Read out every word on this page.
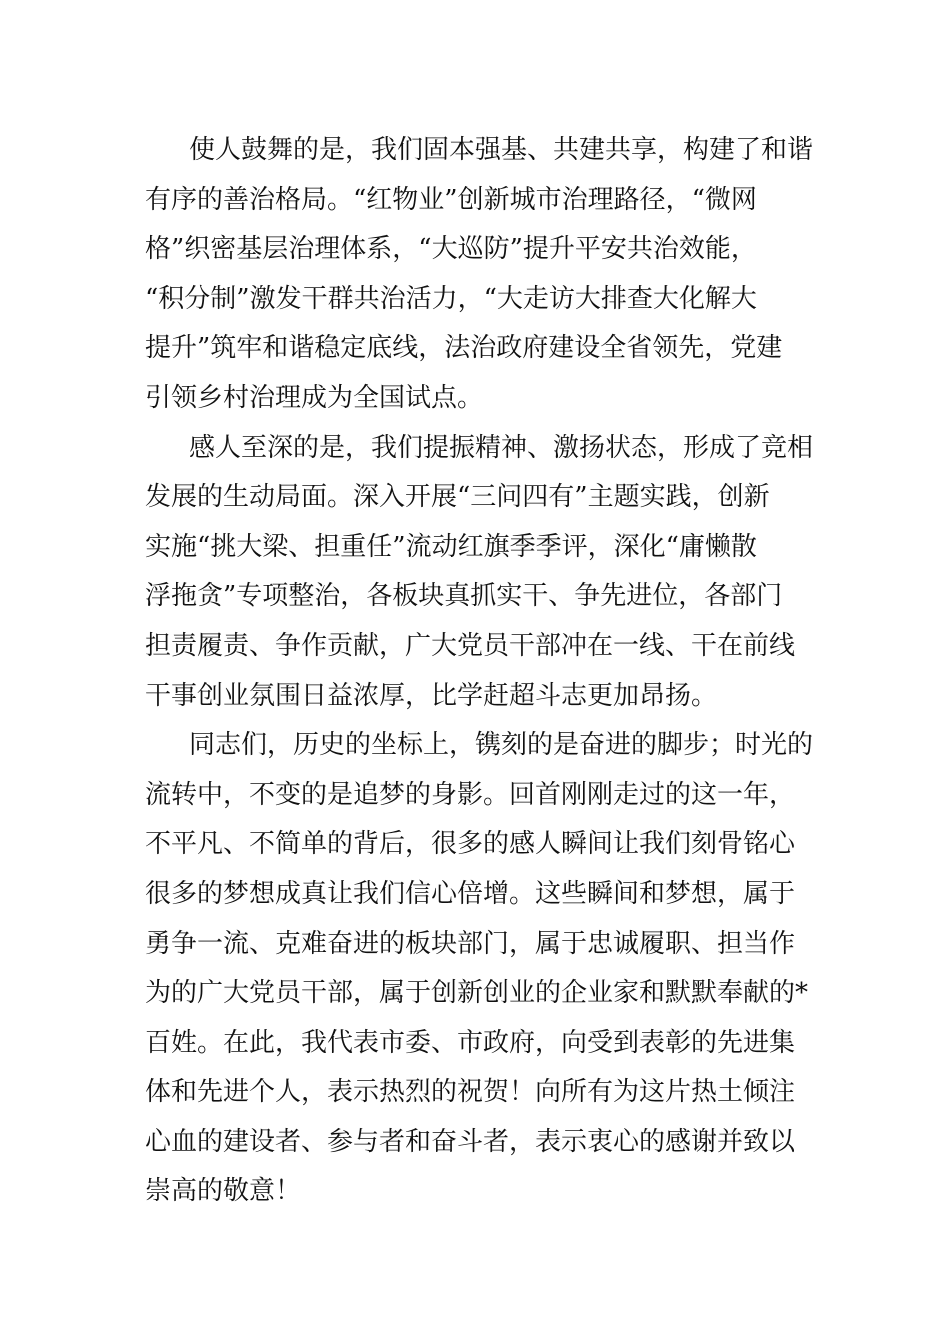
使人鼓舞的是，我们固本强基、共建共享，构建了和谐
有序的善治格局。“红物业”创新城市治理路径，“微网
格”织密基层治理体系，“大巡防”提升平安共治效能，
“积分制”激发干群共治活力，“大走访大排查大化解大
提升”筑牢和谐稳定底线，法治政府建设全省领先，党建
引领乡村治理成为全国试点。
感人至深的是，我们提振精神、激扬状态，形成了竞相
发展的生动局面。深入开展“三问四有”主题实践，创新
实施“挑大梁、担重任”流动红旗季季评，深化“庸懒散
浮拖贪”专项整治，各板块真抓实干、争先进位，各部门
担责履责、争作贡献，广大党员干部冲在一线、干在前线
干事创业氛围日益浓厚，比学赶超斗志更加昂扬。
同志们，历史的坐标上，镌刻的是奋进的脚步；时光的
流转中，不变的是追梦的身影。回首刚刚走过的这一年，
不平凡、不简单的背后，很多的感人瞬间让我们刻骨铭心
很多的梦想成真让我们信心倍增。这些瞬间和梦想，属于
勇争一流、克难奋进的板块部门，属于忠诚履职、担当作
为的广大党员干部，属于创新创业的企业家和默默奉献的*
百姓。在此，我代表市委、市政府，向受到表彰的先进集
体和先进个人，表示热烈的祝贺！向所有为这片热土倾注
心血的建设者、参与者和奋斗者，表示衷心的感谢并致以
崇高的敬意！
